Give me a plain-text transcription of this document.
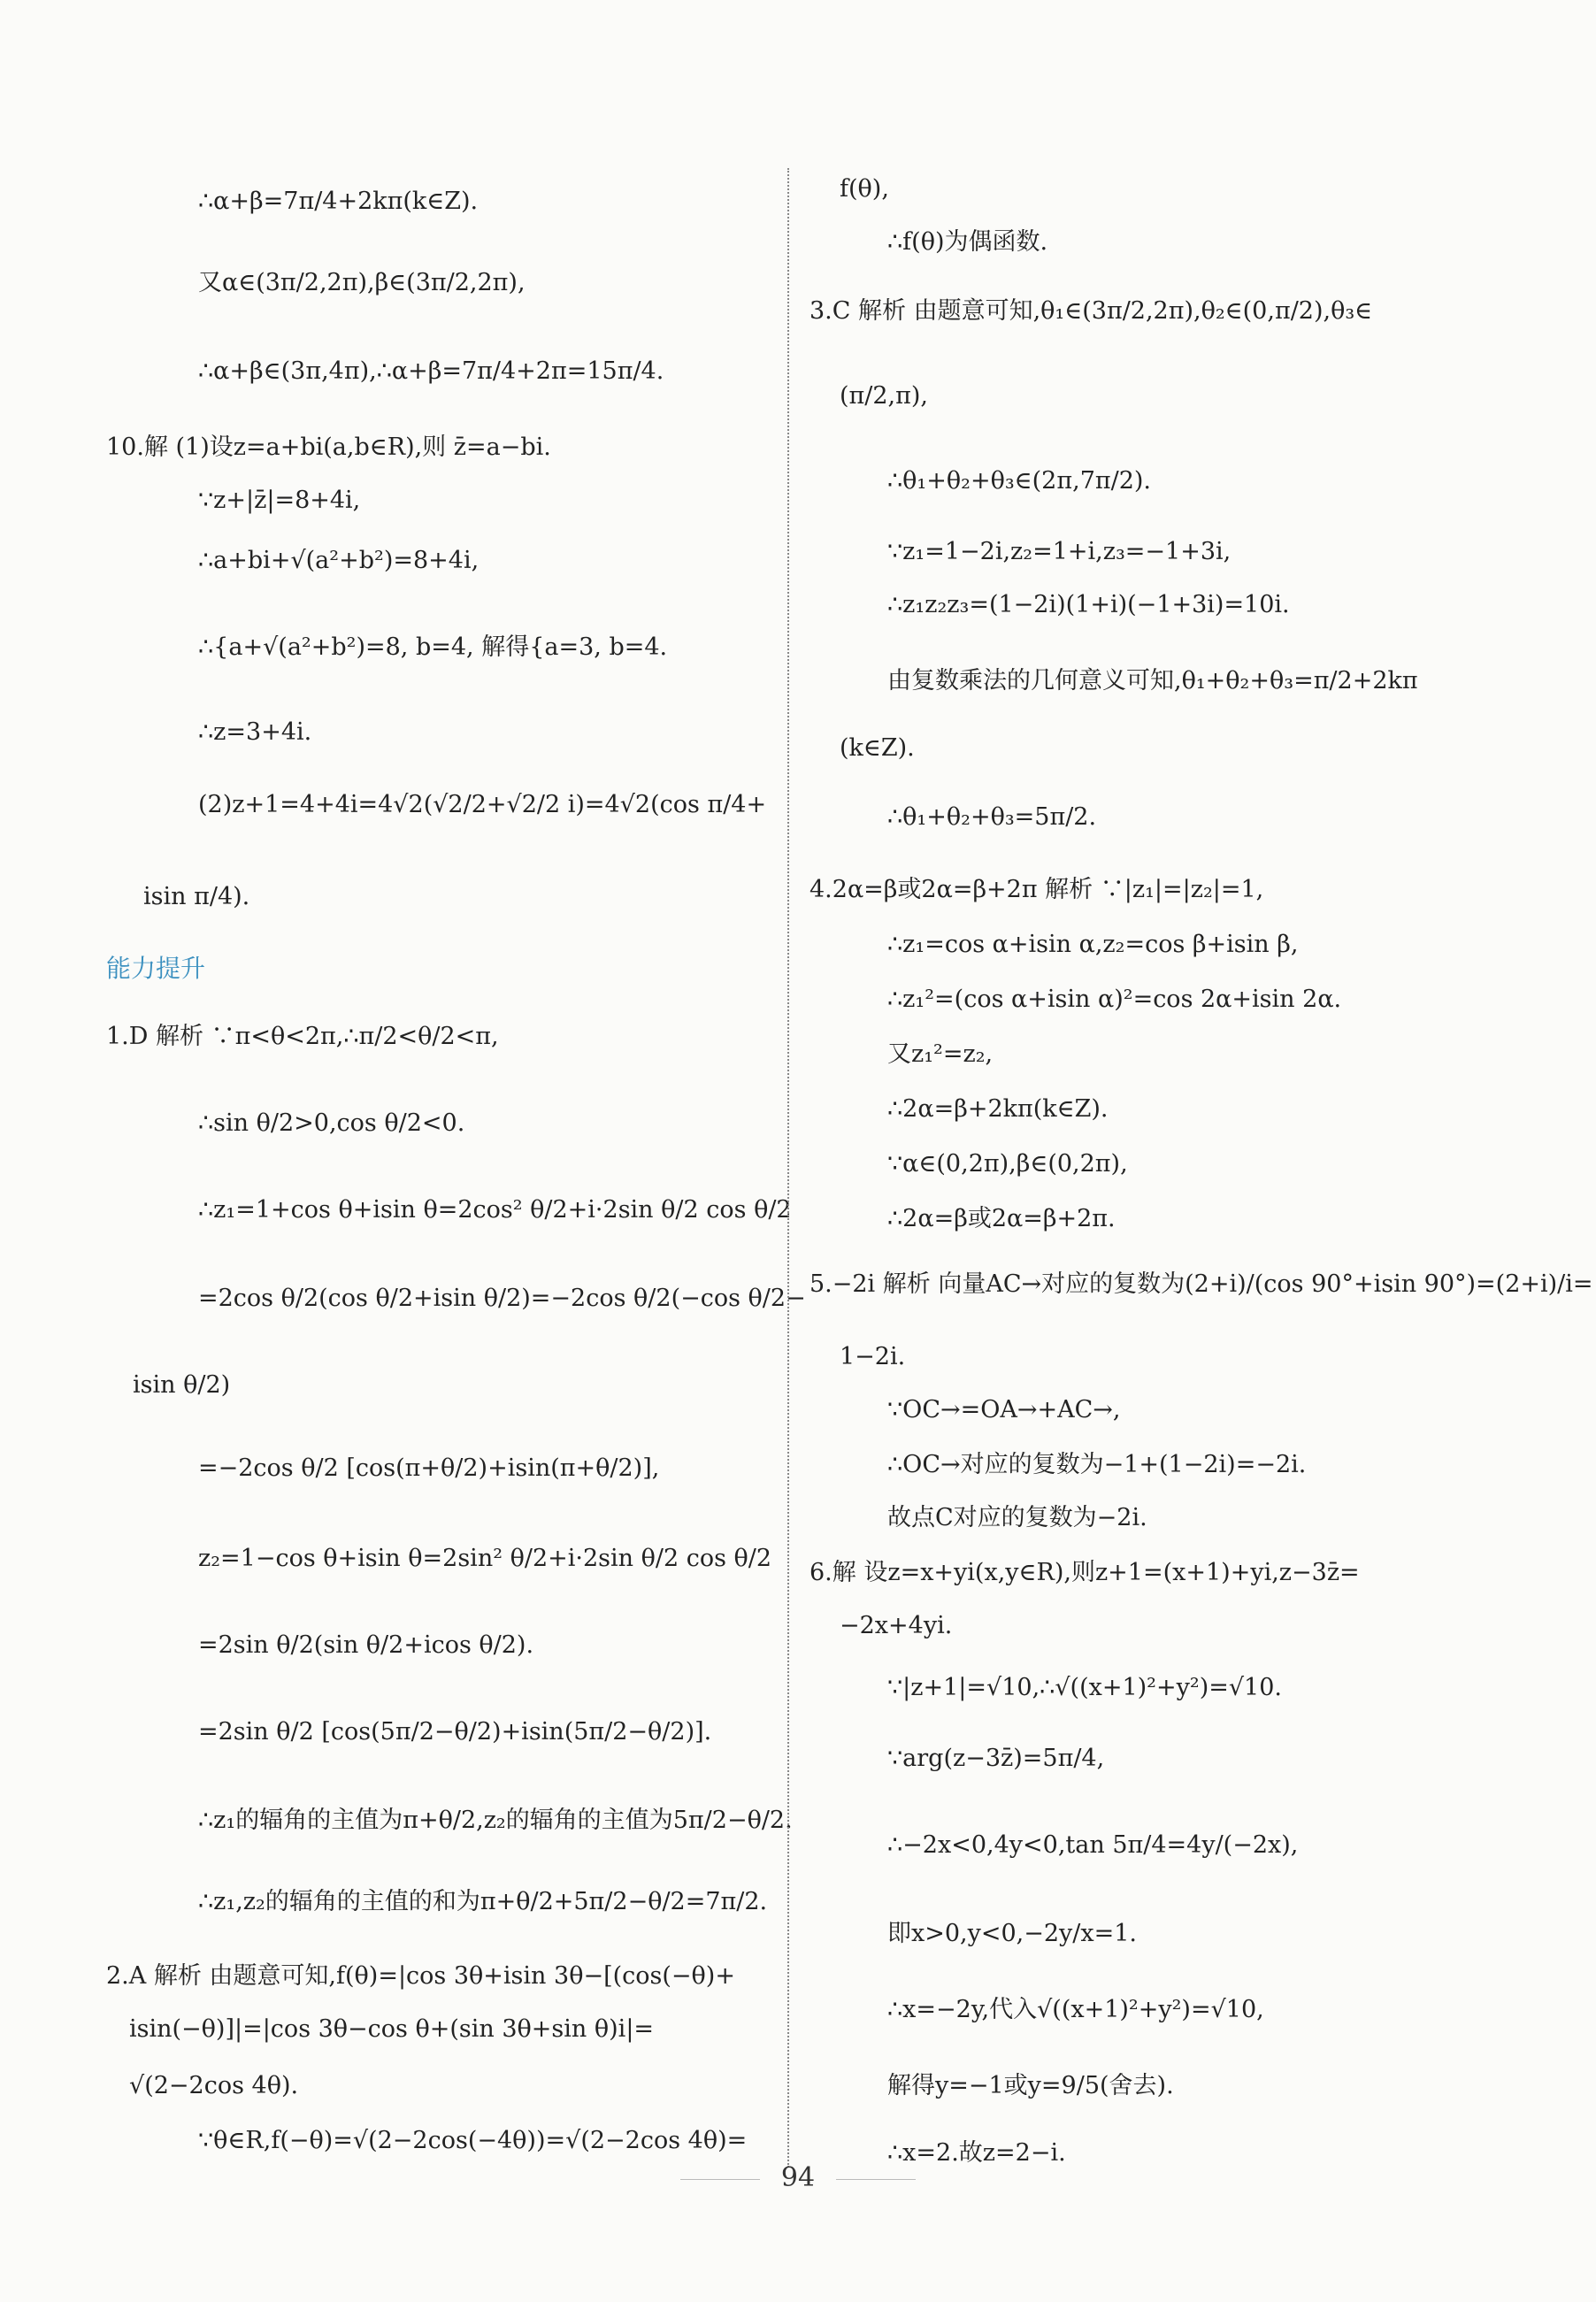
∴α+β=7π/4+2kπ(k∈Z).
又α∈(3π/2,2π),β∈(3π/2,2π),
∴α+β∈(3π,4π),∴α+β=7π/4+2π=15π/4.
10.解 (1)设z=a+bi(a,b∈R),则 z̄=a−bi.
∵z+|z̄|=8+4i,
∴a+bi+√(a²+b²)=8+4i,
∴{a+√(a²+b²)=8, b=4, 解得{a=3, b=4.
∴z=3+4i.
(2)z+1=4+4i=4√2(√2/2+√2/2 i)=4√2(cos π/4+
isin π/4).
能力提升
1.D 解析 ∵π<θ<2π,∴π/2<θ/2<π,
∴sin θ/2>0,cos θ/2<0.
∴z₁=1+cos θ+isin θ=2cos² θ/2+i·2sin θ/2 cos θ/2
=2cos θ/2(cos θ/2+isin θ/2)=−2cos θ/2(−cos θ/2−
isin θ/2)
=−2cos θ/2 [cos(π+θ/2)+isin(π+θ/2)],
z₂=1−cos θ+isin θ=2sin² θ/2+i·2sin θ/2 cos θ/2
=2sin θ/2(sin θ/2+icos θ/2).
=2sin θ/2 [cos(5π/2−θ/2)+isin(5π/2−θ/2)].
∴z₁的辐角的主值为π+θ/2,z₂的辐角的主值为5π/2−θ/2.
∴z₁,z₂的辐角的主值的和为π+θ/2+5π/2−θ/2=7π/2.
2.A 解析 由题意可知,f(θ)=|cos 3θ+isin 3θ−[(cos(−θ)+
isin(−θ)]|=|cos 3θ−cos θ+(sin 3θ+sin θ)i|=
√(2−2cos 4θ).
∵θ∈R,f(−θ)=√(2−2cos(−4θ))=√(2−2cos 4θ)=
f(θ),
∴f(θ)为偶函数.
3.C 解析 由题意可知,θ₁∈(3π/2,2π),θ₂∈(0,π/2),θ₃∈
(π/2,π),
∴θ₁+θ₂+θ₃∈(2π,7π/2).
∵z₁=1−2i,z₂=1+i,z₃=−1+3i,
∴z₁z₂z₃=(1−2i)(1+i)(−1+3i)=10i.
由复数乘法的几何意义可知,θ₁+θ₂+θ₃=π/2+2kπ
(k∈Z).
∴θ₁+θ₂+θ₃=5π/2.
4.2α=β或2α=β+2π 解析 ∵|z₁|=|z₂|=1,
∴z₁=cos α+isin α,z₂=cos β+isin β,
∴z₁²=(cos α+isin α)²=cos 2α+isin 2α.
又z₁²=z₂,
∴2α=β+2kπ(k∈Z).
∵α∈(0,2π),β∈(0,2π),
∴2α=β或2α=β+2π.
5.−2i 解析 向量AC→对应的复数为(2+i)/(cos 90°+isin 90°)=(2+i)/i=
1−2i.
∵OC→=OA→+AC→,
∴OC→对应的复数为−1+(1−2i)=−2i.
故点C对应的复数为−2i.
6.解 设z=x+yi(x,y∈R),则z+1=(x+1)+yi,z−3z̄=
−2x+4yi.
∵|z+1|=√10,∴√((x+1)²+y²)=√10.
∵arg(z−3z̄)=5π/4,
∴−2x<0,4y<0,tan 5π/4=4y/(−2x),
即x>0,y<0,−2y/x=1.
∴x=−2y,代入√((x+1)²+y²)=√10,
解得y=−1或y=9/5(舍去).
∴x=2.故z=2−i.
94
